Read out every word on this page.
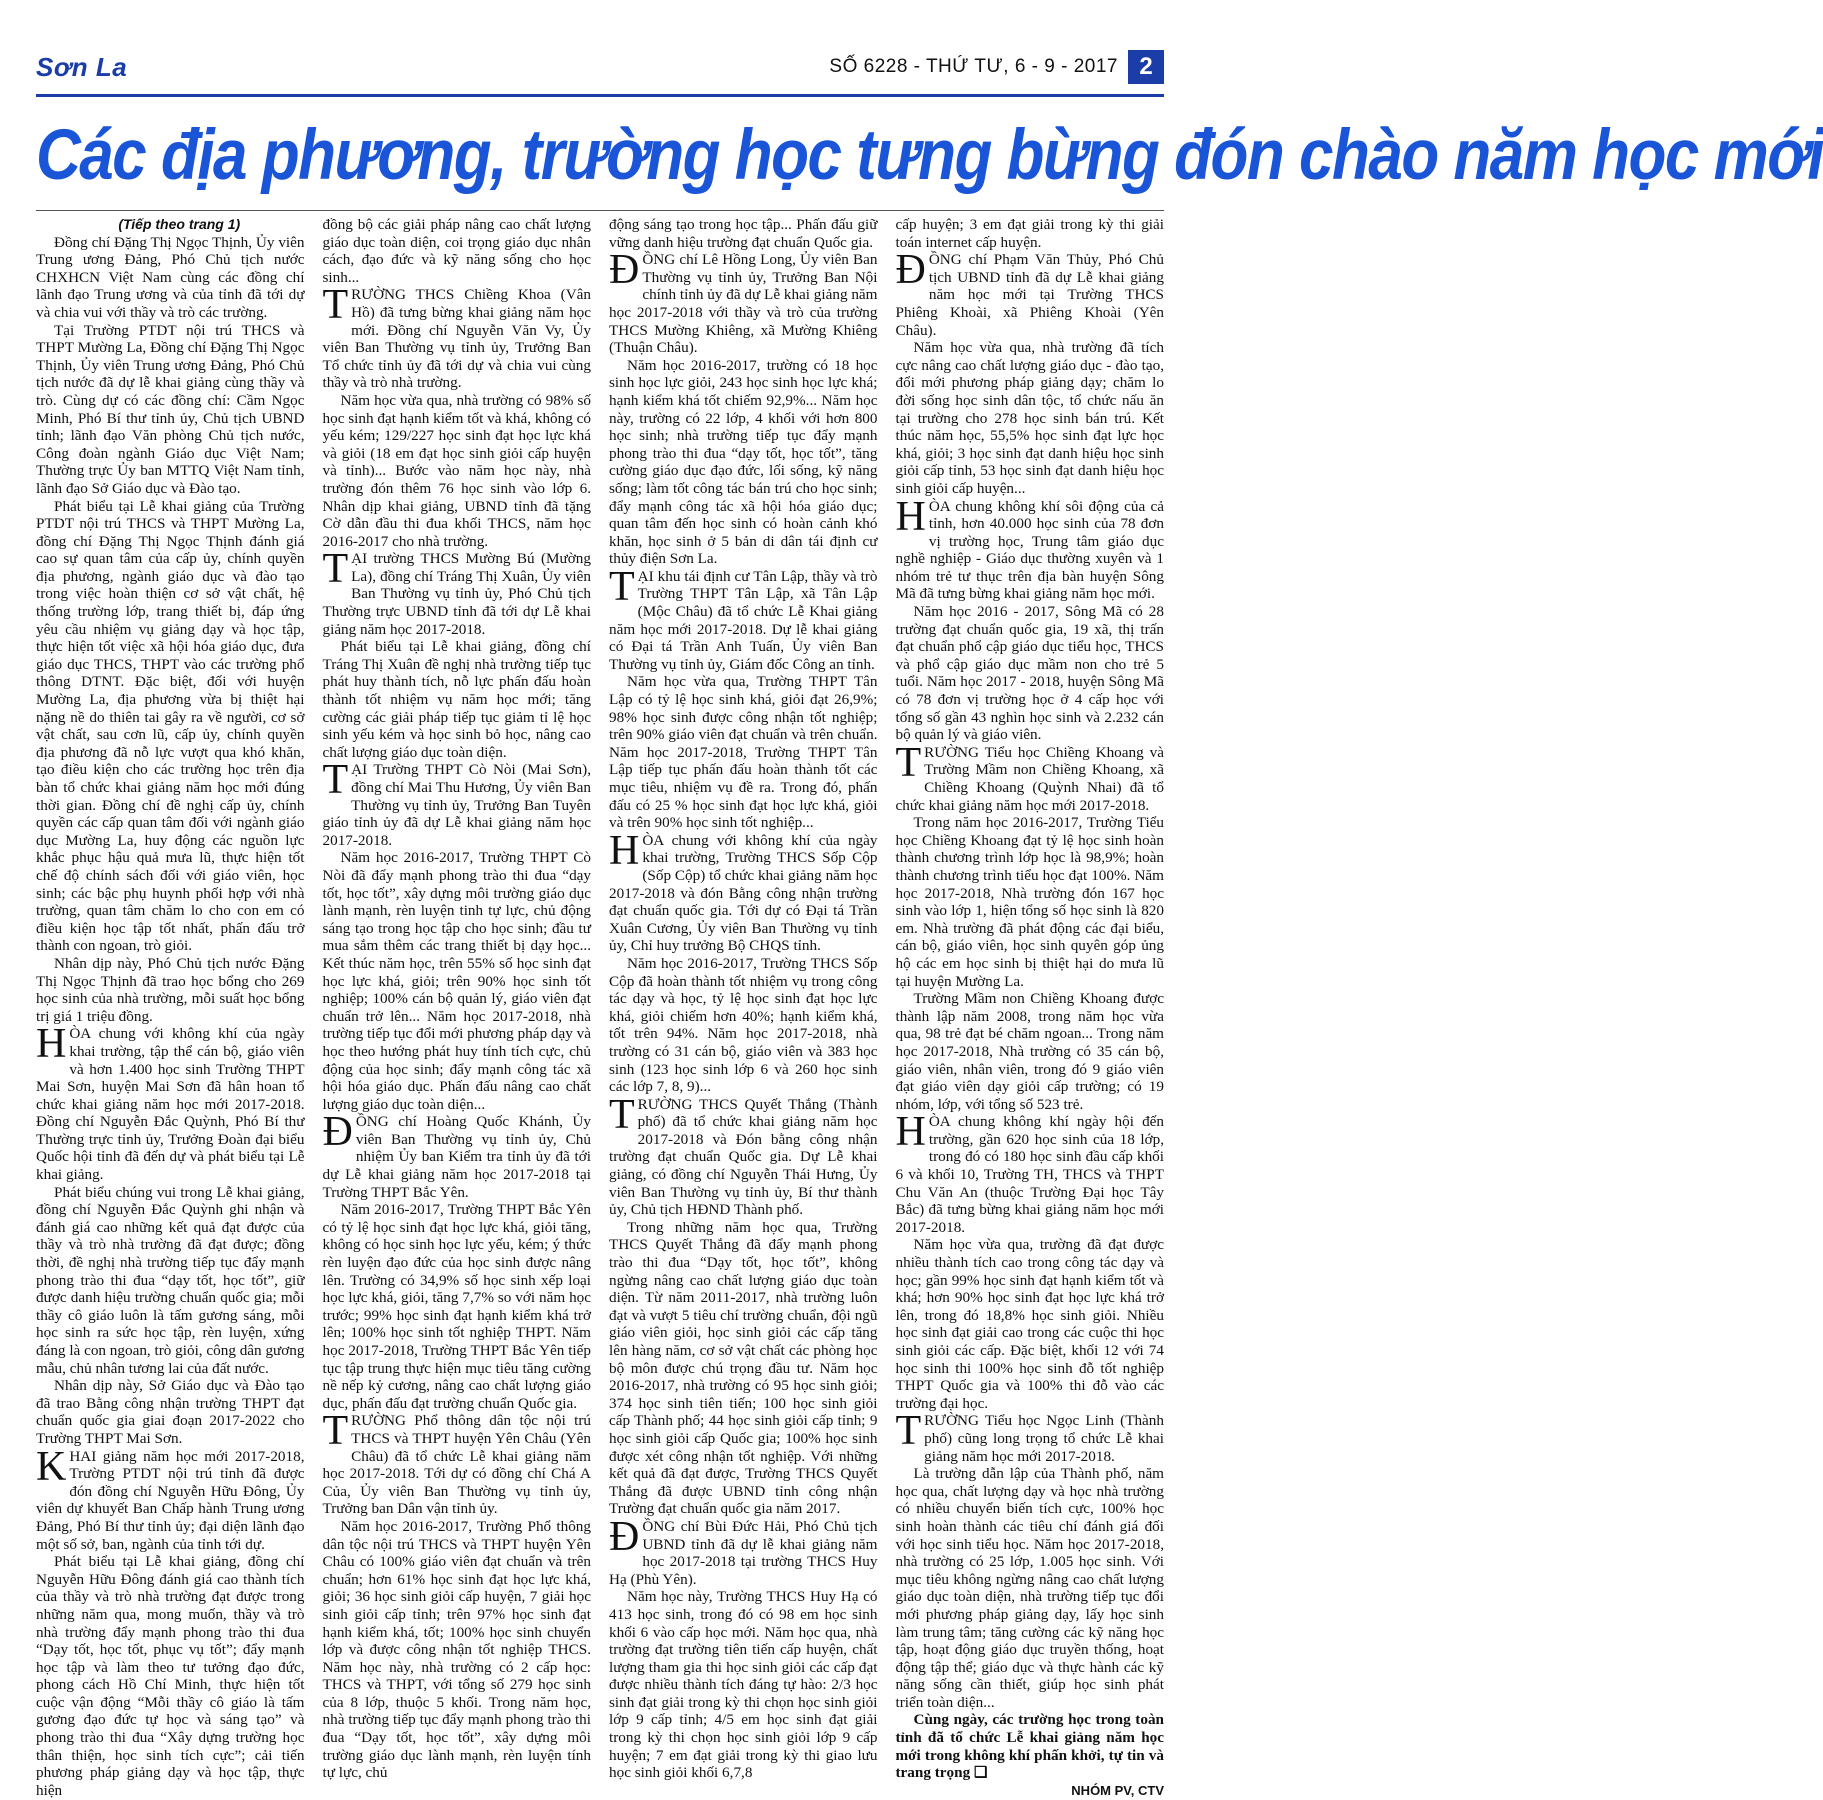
Sơn La	SỐ 6228 - THỨ TƯ, 6 - 9 - 2017 2
Các địa phương, trường học tưng bừng đón chào năm học mới

(Tiếp theo trang 1)

Đồng chí Đặng Thị Ngọc Thịnh, Ủy viên Trung ương Đảng, Phó Chủ tịch nước CHXHCN Việt Nam cùng các đồng chí lãnh đạo Trung ương và của tỉnh đã tới dự và chia vui với thầy và trò các trường.

Tại Trường PTDT nội trú THCS và THPT Mường La, Đồng chí Đặng Thị Ngọc Thịnh, Ủy viên Trung ương Đảng, Phó Chủ tịch nước đã dự lễ khai giảng cùng thầy và trò. Cùng dự có các đồng chí: Cầm Ngọc Minh, Phó Bí thư tỉnh ủy, Chủ tịch UBND tỉnh; lãnh đạo Văn phòng Chủ tịch nước, Công đoàn ngành Giáo dục Việt Nam; Thường trực Ủy ban MTTQ Việt Nam tỉnh, lãnh đạo Sở Giáo dục và Đào tạo.

Phát biểu tại Lễ khai giảng của Trường PTDT nội trú THCS và THPT Mường La, đồng chí Đặng Thị Ngọc Thịnh đánh giá cao sự quan tâm của cấp ủy, chính quyền địa phương, ngành giáo dục và đào tạo trong việc hoàn thiện cơ sở vật chất, hệ thống trường lớp, trang thiết bị, đáp ứng yêu cầu nhiệm vụ giảng dạy và học tập, thực hiện tốt việc xã hội hóa giáo dục, đưa giáo dục THCS, THPT vào các trường phổ thông DTNT. Đặc biệt, đối với huyện Mường La, địa phương vừa bị thiệt hại nặng nề do thiên tai gây ra về người, cơ sở vật chất, sau cơn lũ, cấp ủy, chính quyền địa phương đã nỗ lực vượt qua khó khăn, tạo điều kiện cho các trường học trên địa bàn tổ chức khai giảng năm học mới đúng thời gian. Đồng chí đề nghị cấp ủy, chính quyền các cấp quan tâm đối với ngành giáo dục Mường La, huy động các nguồn lực khắc phục hậu quả mưa lũ, thực hiện tốt chế độ chính sách đối với giáo viên, học sinh; các bậc phụ huynh phối hợp với nhà trường, quan tâm chăm lo cho con em có điều kiện học tập tốt nhất, phấn đấu trở thành con ngoan, trò giỏi.

Nhân dịp này, Phó Chủ tịch nước Đặng Thị Ngọc Thịnh đã trao học bổng cho 269 học sinh của nhà trường, mỗi suất học bổng trị giá 1 triệu đồng.

HÒA chung với không khí của ngày khai trường, tập thể cán bộ, giáo viên và hơn 1.400 học sinh Trường THPT Mai Sơn, huyện Mai Sơn đã hân hoan tổ chức khai giảng năm học mới 2017-2018. Đồng chí Nguyễn Đắc Quỳnh, Phó Bí thư Thường trực tỉnh ủy, Trưởng Đoàn đại biểu Quốc hội tỉnh đã đến dự và phát biểu tại Lễ khai giảng.

Phát biểu chúng vui trong Lễ khai giảng, đồng chí Nguyễn Đắc Quỳnh ghi nhận và đánh giá cao những kết quả đạt được của thầy và trò nhà trường đã đạt được; đồng thời, đề nghị nhà trường tiếp tục đẩy mạnh phong trào thi đua “dạy tốt, học tốt”, giữ được danh hiệu trường chuẩn quốc gia; mỗi thầy cô giáo luôn là tấm gương sáng, mỗi học sinh ra sức học tập, rèn luyện, xứng đáng là con ngoan, trò giỏi, công dân gương mẫu, chủ nhân tương lai của đất nước.

Nhân dịp này, Sở Giáo dục và Đào tạo đã trao Bằng công nhận trường THPT đạt chuẩn quốc gia giai đoạn 2017-2022 cho Trường THPT Mai Sơn.

KHAI giảng năm học mới 2017-2018, Trường PTDT nội trú tỉnh đã được đón đồng chí Nguyễn Hữu Đông, Ủy viên dự khuyết Ban Chấp hành Trung ương Đảng, Phó Bí thư tỉnh ủy; đại diện lãnh đạo một số sở, ban, ngành của tỉnh tới dự.

Phát biểu tại Lễ khai giảng, đồng chí Nguyễn Hữu Đông đánh giá cao thành tích của thầy và trò nhà trường đạt được trong những năm qua, mong muốn, thầy và trò nhà trường đẩy mạnh phong trào thi đua “Dạy tốt, học tốt, phục vụ tốt”; đẩy mạnh học tập và làm theo tư tưởng đạo đức, phong cách Hồ Chí Minh, thực hiện tốt cuộc vận động “Mỗi thầy cô giáo là tấm gương đạo đức tự học và sáng tạo” và phong trào thi đua “Xây dựng trường học thân thiện, học sinh tích cực”; cải tiến phương pháp giảng dạy và học tập, thực hiện

đồng bộ các giải pháp nâng cao chất lượng giáo dục toàn diện, coi trọng giáo dục nhân cách, đạo đức và kỹ năng sống cho học sinh...

TRƯỜNG THCS Chiềng Khoa (Vân Hồ) đã tưng bừng khai giảng năm học mới. Đồng chí Nguyễn Văn Vy, Ủy viên Ban Thường vụ tỉnh ủy, Trưởng Ban Tổ chức tỉnh ủy đã tới dự và chia vui cùng thầy và trò nhà trường.

Năm học vừa qua, nhà trường có 98% số học sinh đạt hạnh kiểm tốt và khá, không có yếu kém; 129/227 học sinh đạt học lực khá và giỏi (18 em đạt học sinh giỏi cấp huyện và tỉnh)... Bước vào năm học này, nhà trường đón thêm 76 học sinh vào lớp 6. Nhân dịp khai giảng, UBND tỉnh đã tặng Cờ dẫn đầu thi đua khối THCS, năm học 2016-2017 cho nhà trường.

TẠI trường THCS Mường Bú (Mường La), đồng chí Tráng Thị Xuân, Ủy viên Ban Thường vụ tỉnh ủy, Phó Chủ tịch Thường trực UBND tỉnh đã tới dự Lễ khai giảng năm học 2017-2018.

Phát biểu tại Lễ khai giảng, đồng chí Tráng Thị Xuân đề nghị nhà trường tiếp tục phát huy thành tích, nỗ lực phấn đấu hoàn thành tốt nhiệm vụ năm học mới; tăng cường các giải pháp tiếp tục giảm tỉ lệ học sinh yếu kém và học sinh bỏ học, nâng cao chất lượng giáo dục toàn diện.

TẠI Trường THPT Cò Nòi (Mai Sơn), đồng chí Mai Thu Hương, Ủy viên Ban Thường vụ tỉnh ủy, Trưởng Ban Tuyên giáo tỉnh ủy đã dự Lễ khai giảng năm học 2017-2018.

Năm học 2016-2017, Trường THPT Cò Nòi đã đẩy mạnh phong trào thi đua “dạy tốt, học tốt”, xây dựng môi trường giáo dục lành mạnh, rèn luyện tinh tự lực, chủ động sáng tạo trong học tập cho học sinh; đầu tư mua sắm thêm các trang thiết bị dạy học... Kết thúc năm học, trên 55% số học sinh đạt học lực khá, giỏi; trên 90% học sinh tốt nghiệp; 100% cán bộ quản lý, giáo viên đạt chuẩn trở lên... Năm học 2017-2018, nhà trường tiếp tục đổi mới phương pháp dạy và học theo hướng phát huy tính tích cực, chủ động của học sinh; đẩy mạnh công tác xã hội hóa giáo dục. Phấn đấu nâng cao chất lượng giáo dục toàn diện...

ĐỒNG chí Hoàng Quốc Khánh, Ủy viên Ban Thường vụ tỉnh ủy, Chủ nhiệm Ủy ban Kiểm tra tỉnh ủy đã tới dự Lễ khai giảng năm học 2017-2018 tại Trường THPT Bắc Yên.

Năm 2016-2017, Trường THPT Bắc Yên có tỷ lệ học sinh đạt học lực khá, giỏi tăng, không có học sinh học lực yếu, kém; ý thức rèn luyện đạo đức của học sinh được nâng lên. Trường có 34,9% số học sinh xếp loại học lực khá, giỏi, tăng 7,7% so với năm học trước; 99% học sinh đạt hạnh kiểm khá trở lên; 100% học sinh tốt nghiệp THPT. Năm học 2017-2018, Trường THPT Bắc Yên tiếp tục tập trung thực hiện mục tiêu tăng cường nề nếp kỷ cương, nâng cao chất lượng giáo dục, phấn đấu đạt trường chuẩn Quốc gia.

TRƯỜNG Phổ thông dân tộc nội trú THCS và THPT huyện Yên Châu (Yên Châu) đã tổ chức Lễ khai giảng năm học 2017-2018. Tới dự có đồng chí Chá A Của, Ủy viên Ban Thường vụ tỉnh ủy, Trưởng ban Dân vận tỉnh ủy.

Năm học 2016-2017, Trường Phổ thông dân tộc nội trú THCS và THPT huyện Yên Châu có 100% giáo viên đạt chuẩn và trên chuẩn; hơn 61% học sinh đạt học lực khá, giỏi; 36 học sinh giỏi cấp huyện, 7 giải học sinh giỏi cấp tỉnh; trên 97% học sinh đạt hạnh kiểm khá, tốt; 100% học sinh chuyển lớp và được công nhận tốt nghiệp THCS. Năm học này, nhà trường có 2 cấp học: THCS và THPT, với tổng số 279 học sinh của 8 lớp, thuộc 5 khối. Trong năm học, nhà trường tiếp tục đẩy mạnh phong trào thi đua “Dạy tốt, học tốt”, xây dựng môi trường giáo dục lành mạnh, rèn luyện tính tự lực, chủ

động sáng tạo trong học tập... Phấn đấu giữ vững danh hiệu trường đạt chuẩn Quốc gia.

ĐỒNG chí Lê Hồng Long, Ủy viên Ban Thường vụ tỉnh ủy, Trưởng Ban Nội chính tỉnh ủy đã dự Lễ khai giảng năm học 2017-2018 với thầy và trò của trường THCS Mường Khiêng, xã Mường Khiêng (Thuận Châu).

Năm học 2016-2017, trường có 18 học sinh học lực giỏi, 243 học sinh học lực khá; hạnh kiểm khá tốt chiếm 92,9%... Năm học này, trường có 22 lớp, 4 khối với hơn 800 học sinh; nhà trường tiếp tục đẩy mạnh phong trào thi đua “dạy tốt, học tốt”, tăng cường giáo dục đạo đức, lối sống, kỹ năng sống; làm tốt công tác bán trú cho học sinh; đẩy mạnh công tác xã hội hóa giáo dục; quan tâm đến học sinh có hoàn cảnh khó khăn, học sinh ở 5 bản di dân tái định cư thủy điện Sơn La.

TẠI khu tái định cư Tân Lập, thầy và trò Trường THPT Tân Lập, xã Tân Lập (Mộc Châu) đã tổ chức Lễ Khai giảng năm học mới 2017-2018. Dự lễ khai giảng có Đại tá Trần Anh Tuấn, Ủy viên Ban Thường vụ tỉnh ủy, Giám đốc Công an tỉnh.

Năm học vừa qua, Trường THPT Tân Lập có tỷ lệ học sinh khá, giỏi đạt 26,9%; 98% học sinh được công nhận tốt nghiệp; trên 90% giáo viên đạt chuẩn và trên chuẩn. Năm học 2017-2018, Trường THPT Tân Lập tiếp tục phấn đấu hoàn thành tốt các mục tiêu, nhiệm vụ đề ra. Trong đó, phấn đấu có 25 % học sinh đạt học lực khá, giỏi và trên 90% học sinh tốt nghiệp...

HÒA chung với không khí của ngày khai trường, Trường THCS Sốp Cộp (Sốp Cộp) tổ chức khai giảng năm học 2017-2018 và đón Bằng công nhận trường đạt chuẩn quốc gia. Tới dự có Đại tá Trần Xuân Cương, Ủy viên Ban Thường vụ tỉnh ủy, Chỉ huy trưởng Bộ CHQS tỉnh.

Năm học 2016-2017, Trường THCS Sốp Cộp đã hoàn thành tốt nhiệm vụ trong công tác dạy và học, tỷ lệ học sinh đạt học lực khá, giỏi chiếm hơn 40%; hạnh kiểm khá, tốt trên 94%. Năm học 2017-2018, nhà trường có 31 cán bộ, giáo viên và 383 học sinh (123 học sinh lớp 6 và 260 học sinh các lớp 7, 8, 9)...

TRƯỜNG THCS Quyết Thắng (Thành phố) đã tổ chức khai giảng năm học 2017-2018 và Đón bằng công nhận trường đạt chuẩn Quốc gia. Dự Lễ khai giảng, có đồng chí Nguyễn Thái Hưng, Ủy viên Ban Thường vụ tỉnh ủy, Bí thư thành ủy, Chủ tịch HĐND Thành phố.

Trong những năm học qua, Trường THCS Quyết Thắng đã đẩy mạnh phong trào thi đua “Dạy tốt, học tốt”, không ngừng nâng cao chất lượng giáo dục toàn diện. Từ năm 2011-2017, nhà trường luôn đạt và vượt 5 tiêu chí trường chuẩn, đội ngũ giáo viên giỏi, học sinh giỏi các cấp tăng lên hàng năm, cơ sở vật chất các phòng học bộ môn được chú trọng đầu tư. Năm học 2016-2017, nhà trường có 95 học sinh giỏi; 374 học sinh tiên tiến; 100 học sinh giỏi cấp Thành phố; 44 học sinh giỏi cấp tỉnh; 9 học sinh giỏi cấp Quốc gia; 100% học sinh được xét công nhận tốt nghiệp. Với những kết quả đã đạt được, Trường THCS Quyết Thắng đã được UBND tỉnh công nhận Trường đạt chuẩn quốc gia năm 2017.

ĐỒNG chí Bùi Đức Hải, Phó Chủ tịch UBND tỉnh đã dự lễ khai giảng năm học 2017-2018 tại trường THCS Huy Hạ (Phù Yên).

Năm học này, Trường THCS Huy Hạ có 413 học sinh, trong đó có 98 em học sinh khối 6 vào cấp học mới. Năm học qua, nhà trường đạt trường tiên tiến cấp huyện, chất lượng tham gia thi học sinh giỏi các cấp đạt được nhiều thành tích đáng tự hào: 2/3 học sinh đạt giải trong kỳ thi chọn học sinh giỏi lớp 9 cấp tỉnh; 4/5 em học sinh đạt giải trong kỳ thi chọn học sinh giỏi lớp 9 cấp huyện; 7 em đạt giải trong kỳ thi giao lưu học sinh giỏi khối 6,7,8

cấp huyện; 3 em đạt giải trong kỳ thi giải toán internet cấp huyện.

ĐỒNG chí Phạm Văn Thủy, Phó Chủ tịch UBND tỉnh đã dự Lễ khai giảng năm học mới tại Trường THCS Phiêng Khoài, xã Phiêng Khoài (Yên Châu).

Năm học vừa qua, nhà trường đã tích cực nâng cao chất lượng giáo dục - đào tạo, đổi mới phương pháp giảng dạy; chăm lo đời sống học sinh dân tộc, tổ chức nấu ăn tại trường cho 278 học sinh bán trú. Kết thúc năm học, 55,5% học sinh đạt lực học khá, giỏi; 3 học sinh đạt danh hiệu học sinh giỏi cấp tỉnh, 53 học sinh đạt danh hiệu học sinh giỏi cấp huyện...

HÒA chung không khí sôi động của cả tỉnh, hơn 40.000 học sinh của 78 đơn vị trường học, Trung tâm giáo dục nghề nghiệp - Giáo dục thường xuyên và 1 nhóm trẻ tư thục trên địa bàn huyện Sông Mã đã tưng bừng khai giảng năm học mới.

Năm học 2016 - 2017, Sông Mã có 28 trường đạt chuẩn quốc gia, 19 xã, thị trấn đạt chuẩn phổ cập giáo dục tiểu học, THCS và phổ cập giáo dục mầm non cho trẻ 5 tuổi. Năm học 2017 - 2018, huyện Sông Mã có 78 đơn vị trường học ở 4 cấp học với tổng số gần 43 nghìn học sinh và 2.232 cán bộ quản lý và giáo viên.

TRƯỜNG Tiểu học Chiềng Khoang và Trường Mầm non Chiềng Khoang, xã Chiềng Khoang (Quỳnh Nhai) đã tổ chức khai giảng năm học mới 2017-2018.

Trong năm học 2016-2017, Trường Tiểu học Chiềng Khoang đạt tỷ lệ học sinh hoàn thành chương trình lớp học là 98,9%; hoàn thành chương trình tiểu học đạt 100%. Năm học 2017-2018, Nhà trường đón 167 học sinh vào lớp 1, hiện tổng số học sinh là 820 em. Nhà trường đã phát động các đại biểu, cán bộ, giáo viên, học sinh quyên góp ủng hộ các em học sinh bị thiệt hại do mưa lũ tại huyện Mường La.

Trường Mầm non Chiềng Khoang được thành lập năm 2008, trong năm học vừa qua, 98 trẻ đạt bé chăm ngoan... Trong năm học 2017-2018, Nhà trường có 35 cán bộ, giáo viên, nhân viên, trong đó 9 giáo viên đạt giáo viên dạy giỏi cấp trường; có 19 nhóm, lớp, với tổng số 523 trẻ.

HÒA chung không khí ngày hội đến trường, gần 620 học sinh của 18 lớp, trong đó có 180 học sinh đầu cấp khối 6 và khối 10, Trường TH, THCS và THPT Chu Văn An (thuộc Trường Đại học Tây Bắc) đã tưng bừng khai giảng năm học mới 2017-2018.

Năm học vừa qua, trường đã đạt được nhiều thành tích cao trong công tác dạy và học; gần 99% học sinh đạt hạnh kiểm tốt và khá; hơn 90% học sinh đạt học lực khá trở lên, trong đó 18,8% học sinh giỏi. Nhiều học sinh đạt giải cao trong các cuộc thi học sinh giỏi các cấp. Đặc biệt, khối 12 với 74 học sinh thi 100% học sinh đỗ tốt nghiệp THPT Quốc gia và 100% thi đỗ vào các trường đại học.

TRƯỜNG Tiểu học Ngọc Linh (Thành phố) cũng long trọng tổ chức Lễ khai giảng năm học mới 2017-2018.

Là trường dẫn lập của Thành phố, năm học qua, chất lượng dạy và học nhà trường có nhiều chuyển biến tích cực, 100% học sinh hoàn thành các tiêu chí đánh giá đối với học sinh tiểu học. Năm học 2017-2018, nhà trường có 25 lớp, 1.005 học sinh. Với mục tiêu không ngừng nâng cao chất lượng giáo dục toàn diện, nhà trường tiếp tục đổi mới phương pháp giảng dạy, lấy học sinh làm trung tâm; tăng cường các kỹ năng học tập, hoạt động giáo dục truyền thống, hoạt động tập thể; giáo dục và thực hành các kỹ năng sống cần thiết, giúp học sinh phát triển toàn diện...

Cùng ngày, các trường học trong toàn tỉnh đã tổ chức Lễ khai giảng năm học mới trong không khí phấn khởi, tự tin và trang trọng ❑

NHÓM PV, CTV
